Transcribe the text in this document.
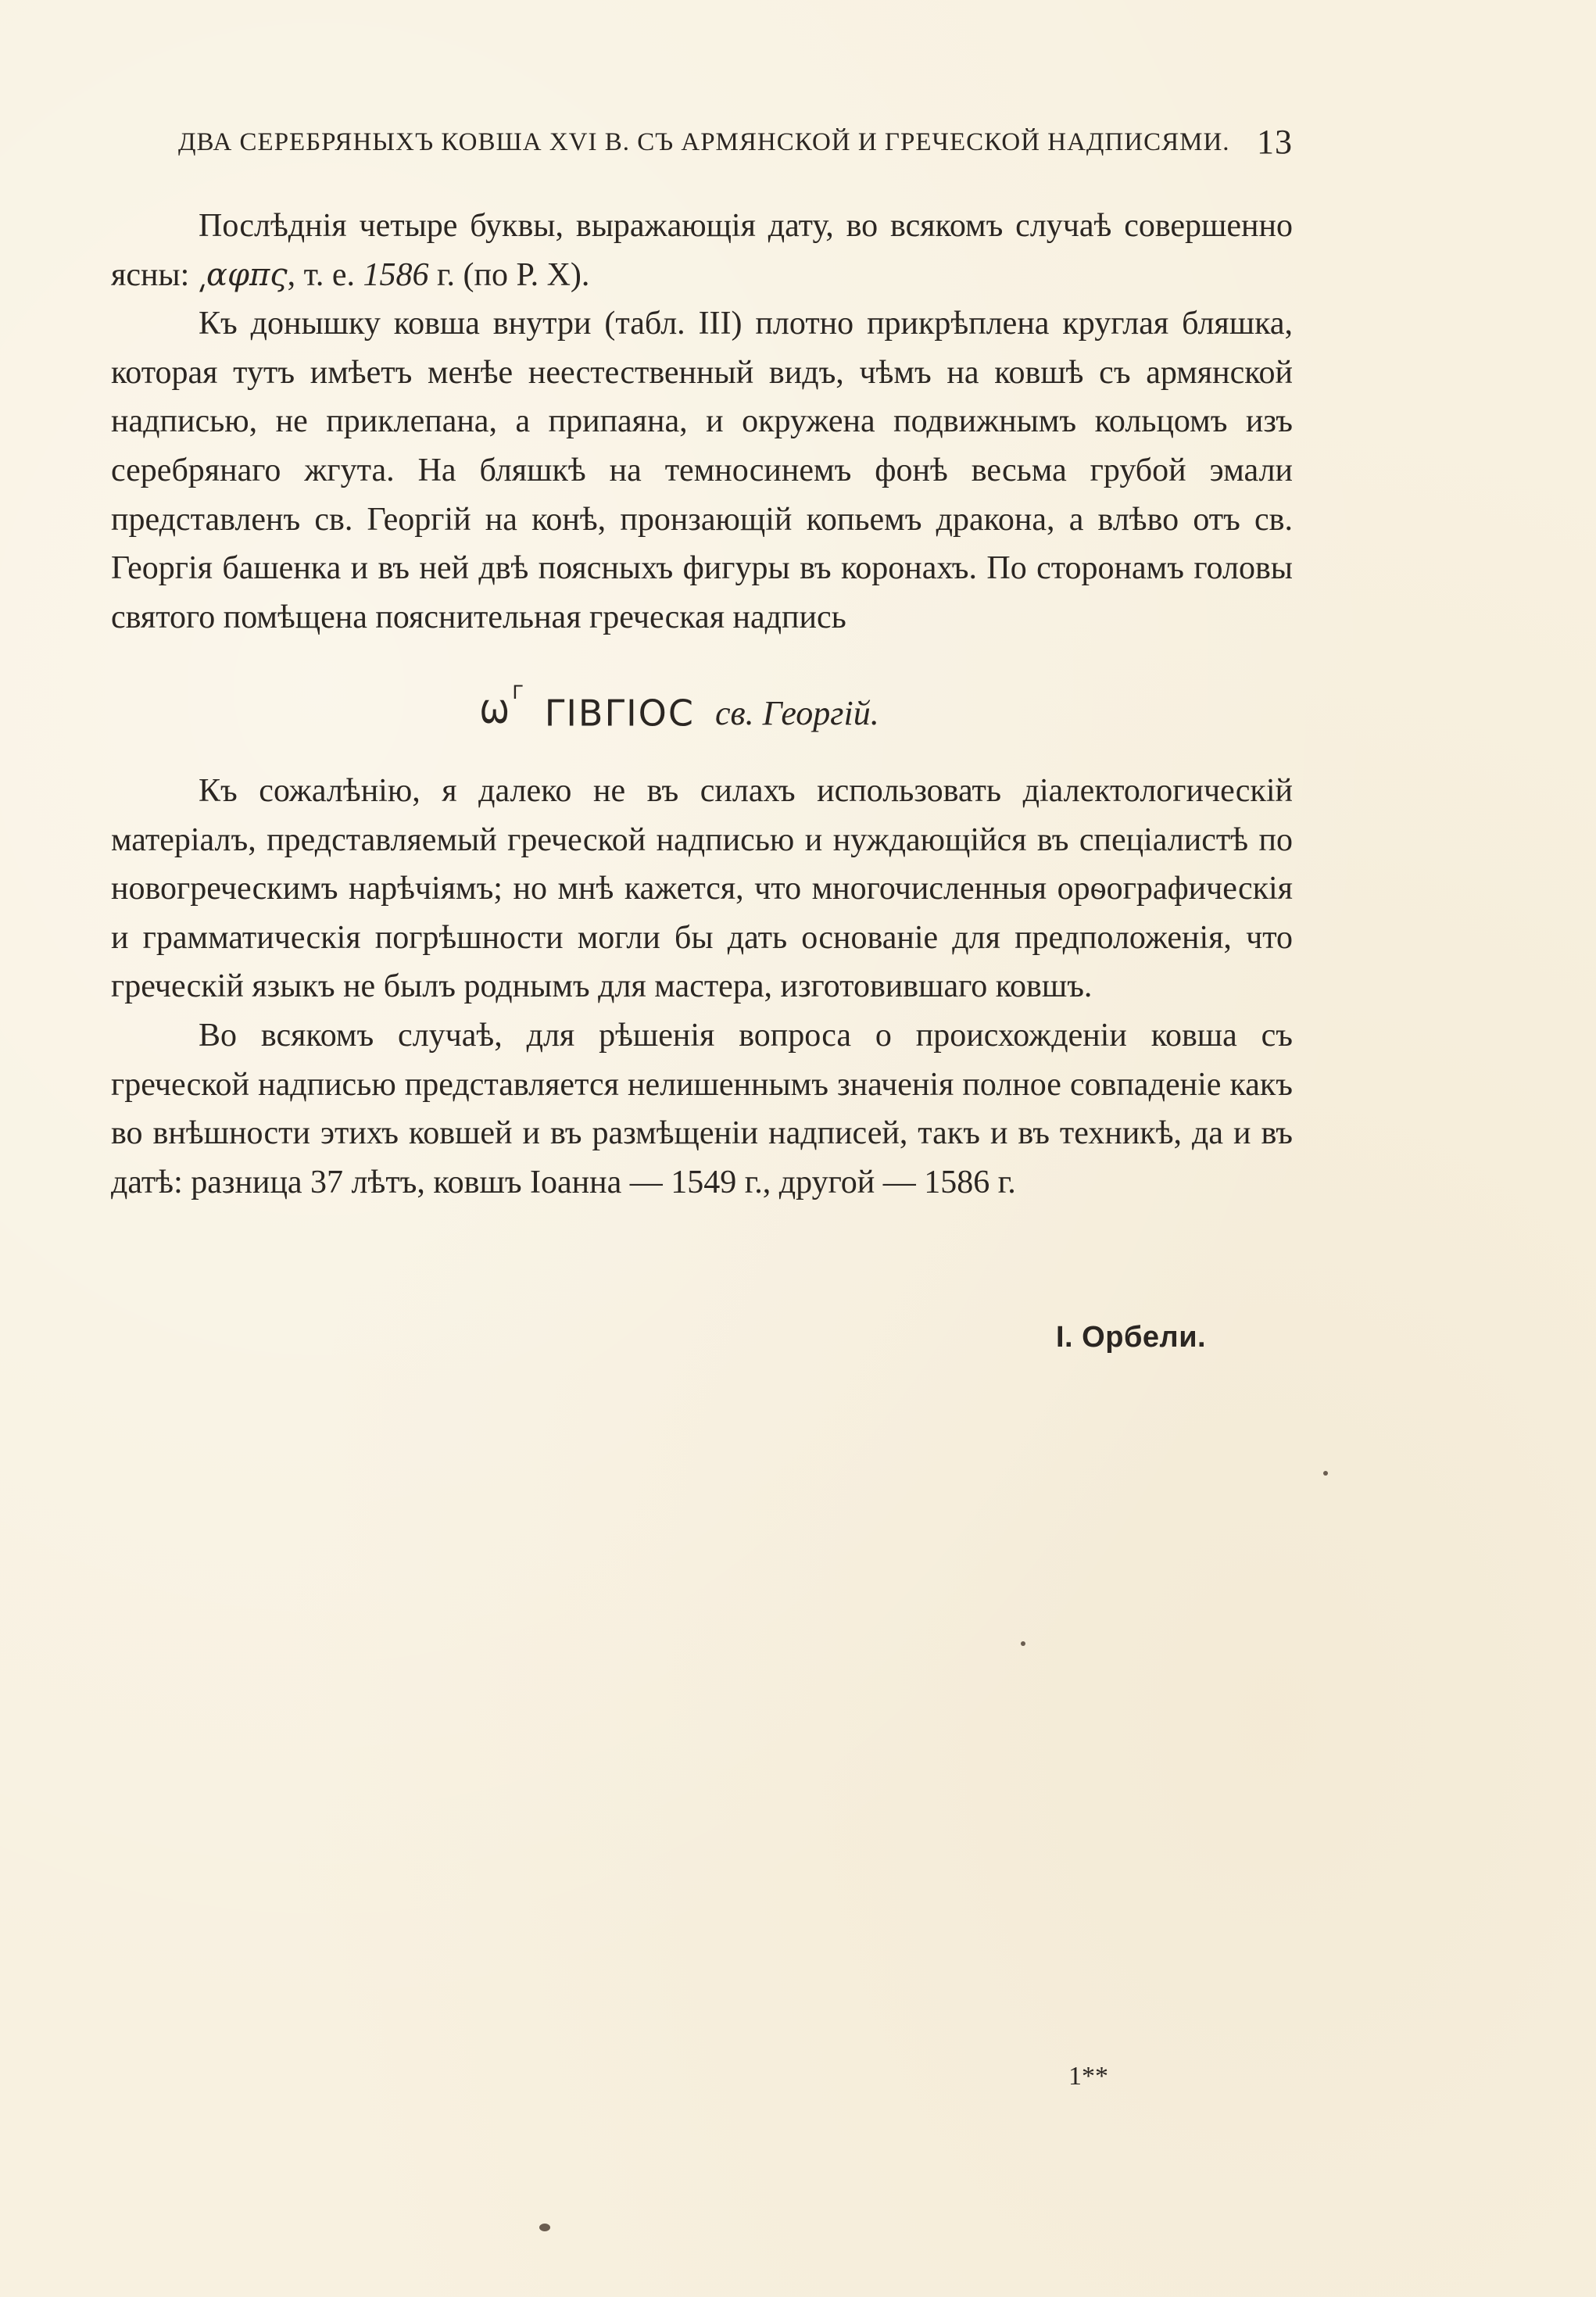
ДВА СЕРЕБРЯНЫХЪ КОВША XVI В. СЪ АРМЯНСКОЙ И ГРЕЧЕСКОЙ НАДПИСЯМИ. 13

Послѣднія четыре буквы, выражающія дату, во всякомъ случаѣ совершенно ясны: ͵αφπς, т. е. 1586 г. (по Р. X).

Къ донышку ковша внутри (табл. III) плотно прикрѣплена круглая бляшка, которая тутъ имѣетъ менѣе неестественный видъ, чѣмъ на ковшѣ съ армянской надписью, не приклепана, а припаяна, и окружена подвижнымъ кольцомъ изъ серебрянаго жгута. На бляшкѣ на темносинемъ фонѣ весьма грубой эмали представленъ св. Георгій на конѣ, пронзающій копьемъ дракона, а влѣво отъ св. Георгія башенка и въ ней двѣ поясныхъ фигуры въ коронахъ. По сторонамъ головы святого помѣщена пояснительная греческая надпись

ѠΓ ΓΙΒΓΙΟC св. Георгій.

Къ сожалѣнію, я далеко не въ силахъ использовать діалектологическій матеріалъ, представляемый греческой надписью и нуждающійся въ спеціалистѣ по новогреческимъ нарѣчіямъ; но мнѣ кажется, что многочисленныя орѳографическія и грамматическія погрѣшности могли бы дать основаніе для предположенія, что греческій языкъ не былъ роднымъ для мастера, изготовившаго ковшъ.

Во всякомъ случаѣ, для рѣшенія вопроса о происхожденіи ковша съ греческой надписью представляется нелишеннымъ значенія полное совпаденіе какъ во внѣшности этихъ ковшей и въ размѣщеніи надписей, такъ и въ техникѣ, да и въ датѣ: разница 37 лѣтъ, ковшъ Іоанна — 1549 г., другой — 1586 г.

І. Орбели.
1**
